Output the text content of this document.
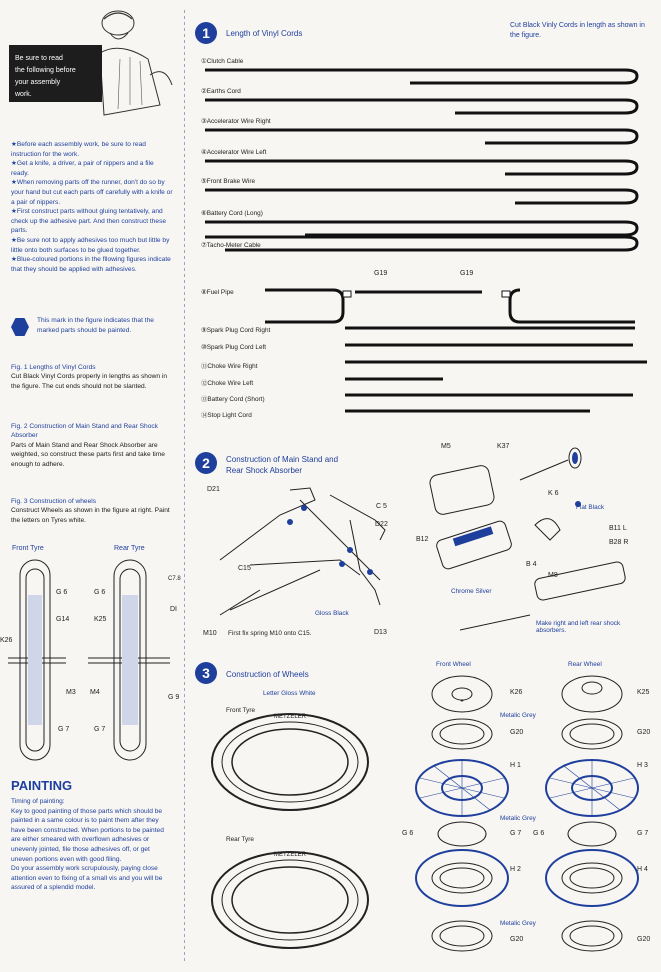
Be sure to read
the following before
your assembly
work.

★Before each assembly work, be sure to read instruction for the work.

★Get a knife, a driver, a pair of nippers and a file ready.

★When removing parts off the runner, don't do so by your hand but cut each parts off carefully with a knife or a pair of nippers.

★First construct parts without gluing tentatively, and check up the adhesive part. And then construct these parts.

★Be sure not to apply adhesives too much but little by little onto both surfaces to be glued together.

★Blue-coloured portions in the fllowing figures indicate that they should be applied with adhesives.

This mark in the figure indicates that the marked parts should be painted.
Fig. 1 Lengths of Vinyl Cords
Cut Black Vinyl Cords properly in lengths as shown in the figure. The cut ends should not be slanted.
Fig. 2 Construction of Main Stand and Rear Shock Absorber
Parts of Main Stand and Rear Shock Absorber are weighted, so construct these parts first and take time enough to adhere.
Fig. 3 Construction of wheels
Construct Wheels as shown in the figure at right. Paint the letters on Tyres white.
Front Tyre	Rear Tyre
G 6
G14
K26
M3
G 7
G 6
K25
C7.8
DI
M4
G 9
G 7
PAINTING
Timing of painting:
Key to good painting of those parts which should be painted in a same colour is to paint them after they have been constructed. When portions to be painted are either smeared with overflown adhesives or unevenly jointed, file those adhesives off, or get uneven portions even with good filing.
Do your assembly work scrupulously, paying close attention even to fixing of a small vis and you will be assured of a splendid model.
1	Length of Vinyl Cords
Cut Black Vinly Cords in length as shown in the figure.
①Clutch Cable
②Earths Cord
③Accelerator Wire Right
④Accelerator Wire Left
⑤Front Brake Wire
⑥Battery Cord (Long)
⑦Tacho-Meter Cable
⑧Fuel Pipe
⑨Spark Plug Cord Right
⑩Spark Plug Cord Left
⑪Choke Wire Right
⑫Choke Wire Left
⑬Battery Cord (Short)
⑭Stop Light Cord
G19	G19
2	Construction of Main Stand and
Rear Shock Absorber
D21
C 5
D22
C15
M10	D13
M5	K37
K 6
B12
B 4
B11 L
B28 R
M8
Gloss Black
Flat Black
Chrome Silver
First fix spring M10 onto C15.
Make right and left rear shock absorbers.
3	Construction of Wheels
Letter Gloss White
Front Tyre
Rear Tyre
Front Wheel	Rear Wheel
METZELER
METZELER
K26
G20
H 1
G 6	G 7
H 2
G20
K25
G20
H 3
G 6	G 7
H 4
G20
Metalic Grey
Metalic Grey
Metalic Grey
